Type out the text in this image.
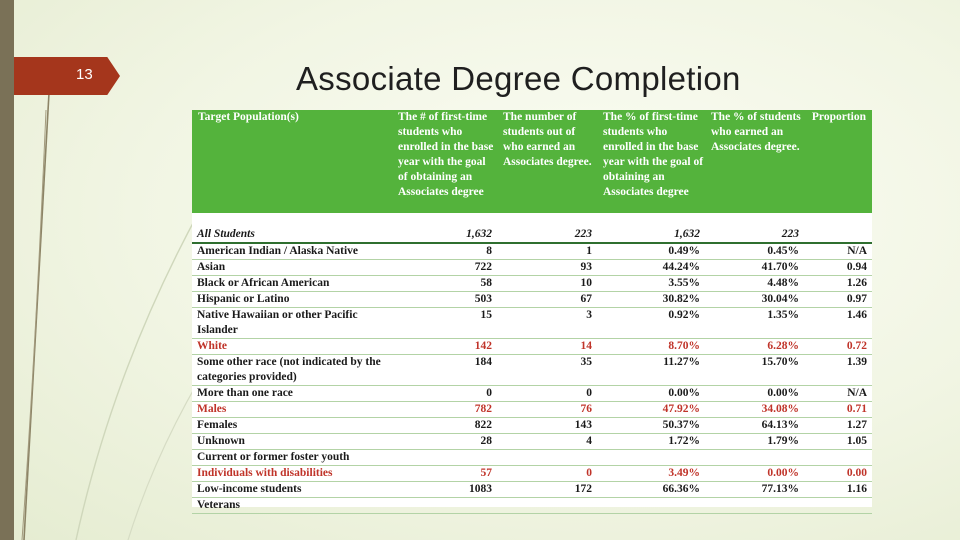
13	Associate Degree Completion
Target Population(s)	The # of first-time students who enrolled in the base year with the goal of obtaining an Associates degree	The number of students out of who earned an Associates degree.	The % of first-time students who enrolled in the base year with the goal of obtaining an Associates degree	The % of students who earned an Associates degree.	Proportion
All Students	1,632	223	1,632	223	
American Indian / Alaska Native	8	1	0.49%	0.45%	N/A
Asian	722	93	44.24%	41.70%	0.94
Black or African American	58	10	3.55%	4.48%	1.26
Hispanic or Latino	503	67	30.82%	30.04%	0.97
Native Hawaiian or other Pacific Islander	15	3	0.92%	1.35%	1.46
White	142	14	8.70%	6.28%	0.72
Some other race (not indicated by the categories provided)	184	35	11.27%	15.70%	1.39
More than one race	0	0	0.00%	0.00%	N/A
Males	782	76	47.92%	34.08%	0.71
Females	822	143	50.37%	64.13%	1.27
Unknown	28	4	1.72%	1.79%	1.05
Current or former foster youth					
Individuals with disabilities	57	0	3.49%	0.00%	0.00
Low-income students	1083	172	66.36%	77.13%	1.16
Veterans					
